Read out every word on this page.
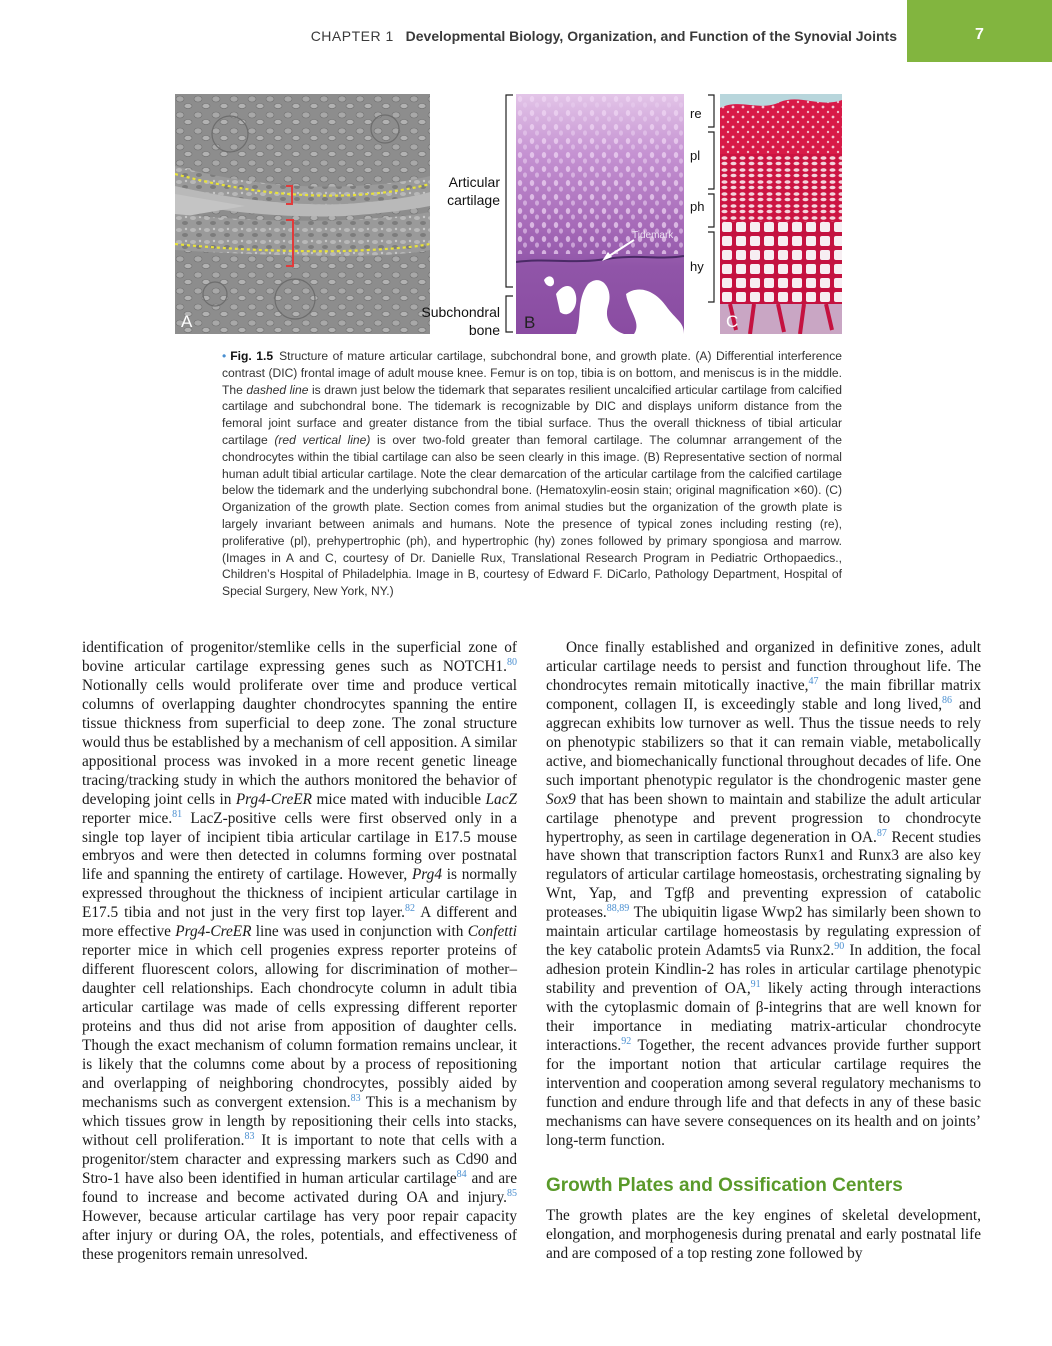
CHAPTER 1 Developmental Biology, Organization, and Function of the Synovial Joints	7
A
Articular
cartilage
Subchondral
bone
Tidemark
B
re
pl
ph
hy
C
• Fig. 1.5 Structure of mature articular cartilage, subchondral bone, and growth plate. (A) Differential interference contrast (DIC) frontal image of adult mouse knee. Femur is on top, tibia is on bottom, and meniscus is in the middle. The dashed line is drawn just below the tidemark that separates resilient uncalcified articular cartilage from calcified cartilage and subchondral bone. The tidemark is recognizable by DIC and displays uniform distance from the femoral joint surface and greater distance from the tibial surface. Thus the overall thickness of tibial articular cartilage (red vertical line) is over two-fold greater than femoral cartilage. The columnar arrangement of the chondrocytes within the tibial cartilage can also be seen clearly in this image. (B) Representative section of normal human adult tibial articular cartilage. Note the clear demarcation of the articular cartilage from the calcified cartilage below the tidemark and the underlying subchondral bone. (Hematoxylin-eosin stain; original magnification ×60). (C) Organization of the growth plate. Section comes from animal studies but the organization of the growth plate is largely invariant between animals and humans. Note the presence of typical zones including resting (re), proliferative (pl), prehypertrophic (ph), and hypertrophic (hy) zones followed by primary spongiosa and marrow. (Images in A and C, courtesy of Dr. Danielle Rux, Translational Research Program in Pediatric Orthopaedics., Children’s Hospital of Philadelphia. Image in B, courtesy of Edward F. DiCarlo, Pathology Department, Hospital of Special Surgery, New York, NY.)

identification of progenitor/stemlike cells in the superficial zone of bovine articular cartilage expressing genes such as NOTCH1.80 Notionally cells would proliferate over time and produce vertical columns of overlapping daughter chondrocytes spanning the entire tissue thickness from superficial to deep zone. The zonal structure would thus be established by a mechanism of cell apposition. A similar appositional process was invoked in a more recent genetic lineage tracing/tracking study in which the authors monitored the behavior of developing joint cells in Prg4-CreER mice mated with inducible LacZ reporter mice.$^{81}$ LacZ-positive cells were first observed only in a single top layer of incipient tibia articular cartilage in E17.5 mouse embryos and were then detected in columns forming over postnatal life and spanning the entirety of cartilage. However, Prg4 is normally expressed throughout the thickness of incipient articular cartilage in E17.5 tibia and not just in the very first top layer.$^{82}$ A different and more effective Prg4-CreER line was used in conjunction with Confetti reporter mice in which cell progenies express reporter proteins of different fluorescent colors, allowing for discrimination of mother–daughter cell relationships. Each chondrocyte column in adult tibia articular cartilage was made of cells expressing different reporter proteins and thus did not arise from apposition of daughter cells. Though the exact mechanism of column formation remains unclear, it is likely that the columns come about by a process of repositioning and overlapping of neighboring chondrocytes, possibly aided by mechanisms such as convergent extension.$^{83}$ This is a mechanism by which tissues grow in length by repositioning their cells into stacks, without cell proliferation.$^{83}$ It is important to note that cells with a progenitor/stem character and expressing markers such as Cd90 and Stro-1 have also been identified in human articular cartilage$^{84}$ and are found to increase and become activated during OA and injury.$^{85}$ However, because articular cartilage has very poor repair capacity after injury or during OA, the roles, potentials, and effectiveness of these progenitors remain unresolved.

Once finally established and organized in definitive zones, adult articular cartilage needs to persist and function throughout life. The chondrocytes remain mitotically inactive,$^{47}$ the main fibrillar matrix component, collagen II, is exceedingly stable and long lived,$^{86}$ and aggrecan exhibits low turnover as well. Thus the tissue needs to rely on phenotypic stabilizers so that it can remain viable, metabolically active, and biomechanically functional throughout decades of life. One such important phenotypic regulator is the chondrogenic master gene Sox9 that has been shown to maintain and stabilize the adult articular cartilage phenotype and prevent progression to chondrocyte hypertrophy, as seen in cartilage degeneration in OA.$^{87}$ Recent studies have shown that transcription factors Runx1 and Runx3 are also key regulators of articular cartilage homeostasis, orchestrating signaling by Wnt, Yap, and Tgfβ and preventing expression of catabolic proteases.$^{88,89}$ The ubiquitin ligase Wwp2 has similarly been shown to maintain articular cartilage homeostasis by regulating expression of the key catabolic protein Adamts5 via Runx2.90 In addition, the focal adhesion protein Kindlin-2 has roles in articular cartilage phenotypic stability and prevention of OA,$^{91}$ likely acting through interactions with the cytoplasmic domain of β-integrins that are well known for their importance in mediating matrix-articular chondrocyte interactions.$^{92}$ Together, the recent advances provide further support for the important notion that articular cartilage requires the intervention and cooperation among several regulatory mechanisms to function and endure through life and that defects in any of these basic mechanisms can have severe consequences on its health and on joints’ long-term function.

Growth Plates and Ossification Centers

The growth plates are the key engines of skeletal development, elongation, and morphogenesis during prenatal and early postnatal life and are composed of a top resting zone followed by
